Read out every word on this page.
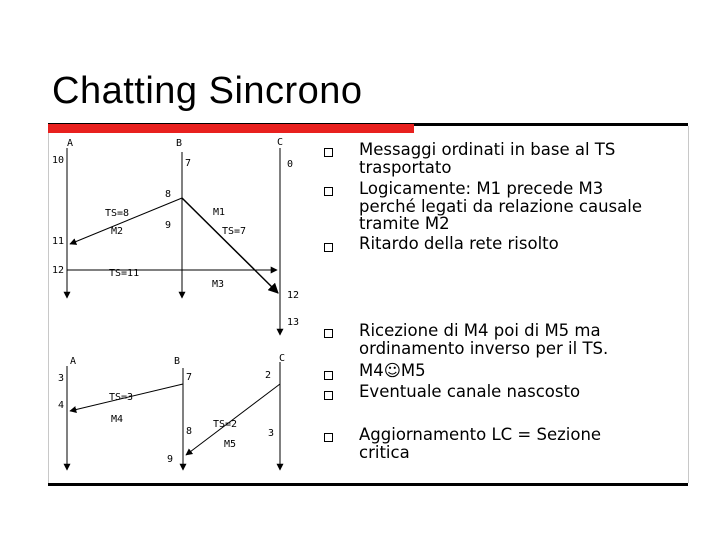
Chatting Sincrono
A	B	C
10	7	0
8
TS=8	M1
9
M2	TS=7
11
12	TS=11
M3
12
13
A	B	C
3	7	2
TS=3
4
M4	TS=2
8	3
M5
9
Messaggi ordinati in base al TS
trasportato
Logicamente: M1 precede M3
perché legati da relazione causale
tramite M2
Ritardo della rete risolto
Ricezione di M4 poi di M5 ma
ordinamento inverso per il TS.
M4☺M5
Eventuale canale nascosto
Aggiornamento LC = Sezione
critica
